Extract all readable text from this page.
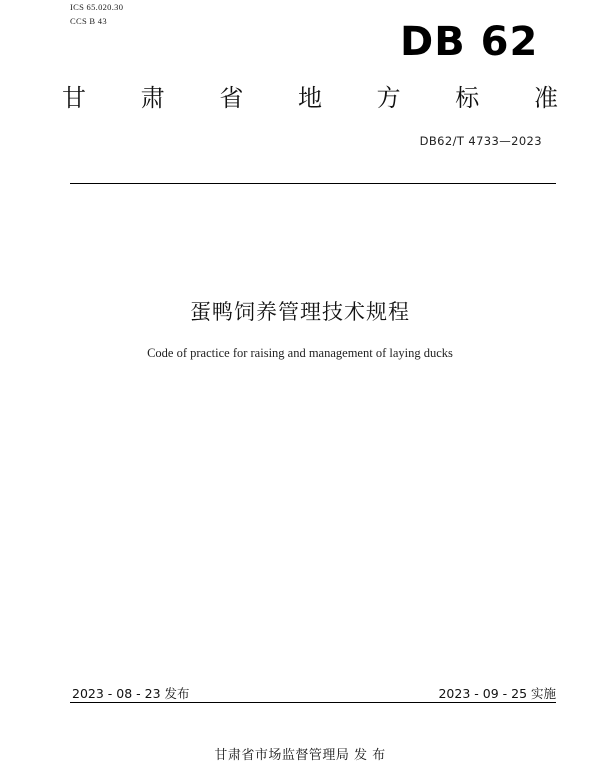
ICS 65.020.30
CCS B 43	DB 62
甘 肃 省 地 方 标 准
DB62/T 4733—2023
蛋鸭饲养管理技术规程
Code of practice for raising and management of laying ducks
2023 - 08 - 23 发布	2023 - 09 - 25 实施
甘肃省市场监督管理局 发 布
